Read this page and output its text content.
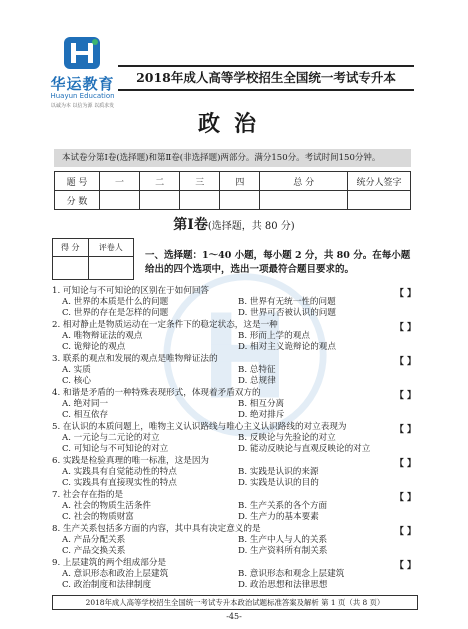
华运教育
Huayun Education
以诚为本 以信为源 以质求发
2018年成人高等学校招生全国统一考试专升本
政治
本试卷分第Ⅰ卷(选择题)和第Ⅱ卷(非选择题)两部分。满分150分。考试时间150分钟。
题 号	一	二	三	四	总 分	统分人签字
分 数						
第Ⅰ卷(选择题，共 80 分)
得 分	评卷人

一、选择题：1～40 小题，每小题 2 分，共 80 分。在每小题给出的四个选项中，选出一项最符合题目要求的。
1. 可知论与不可知论的区别在于如何回答	【 】
A. 世界的本质是什么的问题	B. 世界有无统一性的问题
C. 世界的存在是怎样的问题	D. 世界可否被认识的问题
2. 相对静止是物质运动在一定条件下的稳定状态，这是一种	【 】
A. 唯物辩证法的观点	B. 形而上学的观点
C. 诡辩论的观点	D. 相对主义诡辩论的观点
3. 联系的观点和发展的观点是唯物辩证法的	【 】
A. 实质	B. 总特征
C. 核心	D. 总规律
4. 和谐是矛盾的一种特殊表现形式，体现着矛盾双方的	【 】
A. 绝对同一	B. 相互分离
C. 相互依存	D. 绝对排斥
5. 在认识的本质问题上，唯物主义认识路线与唯心主义认识路线的对立表现为	【 】
A. 一元论与二元论的对立	B. 反映论与先验论的对立
C. 可知论与不可知论的对立	D. 能动反映论与直观反映论的对立
6. 实践是检验真理的唯一标准，这是因为	【 】
A. 实践具有自觉能动性的特点	B. 实践是认识的来源
C. 实践具有直接现实性的特点	D. 实践是认识的目的
7. 社会存在指的是	【 】
A. 社会的物质生活条件	B. 生产关系的各个方面
C. 社会的物质财富	D. 生产力的基本要素
8. 生产关系包括多方面的内容，其中具有决定意义的是	【 】
A. 产品分配关系	B. 生产中人与人的关系
C. 产品交换关系	D. 生产资料所有制关系
9. 上层建筑的两个组成部分是	【 】
A. 意识形态和政治上层建筑	B. 意识形态和观念上层建筑
C. 政治制度和法律制度	D. 政治思想和法律思想
2018年成人高等学校招生全国统一考试专升本政治试题标准答案及解析 第 1 页（共 8 页）
-45-
